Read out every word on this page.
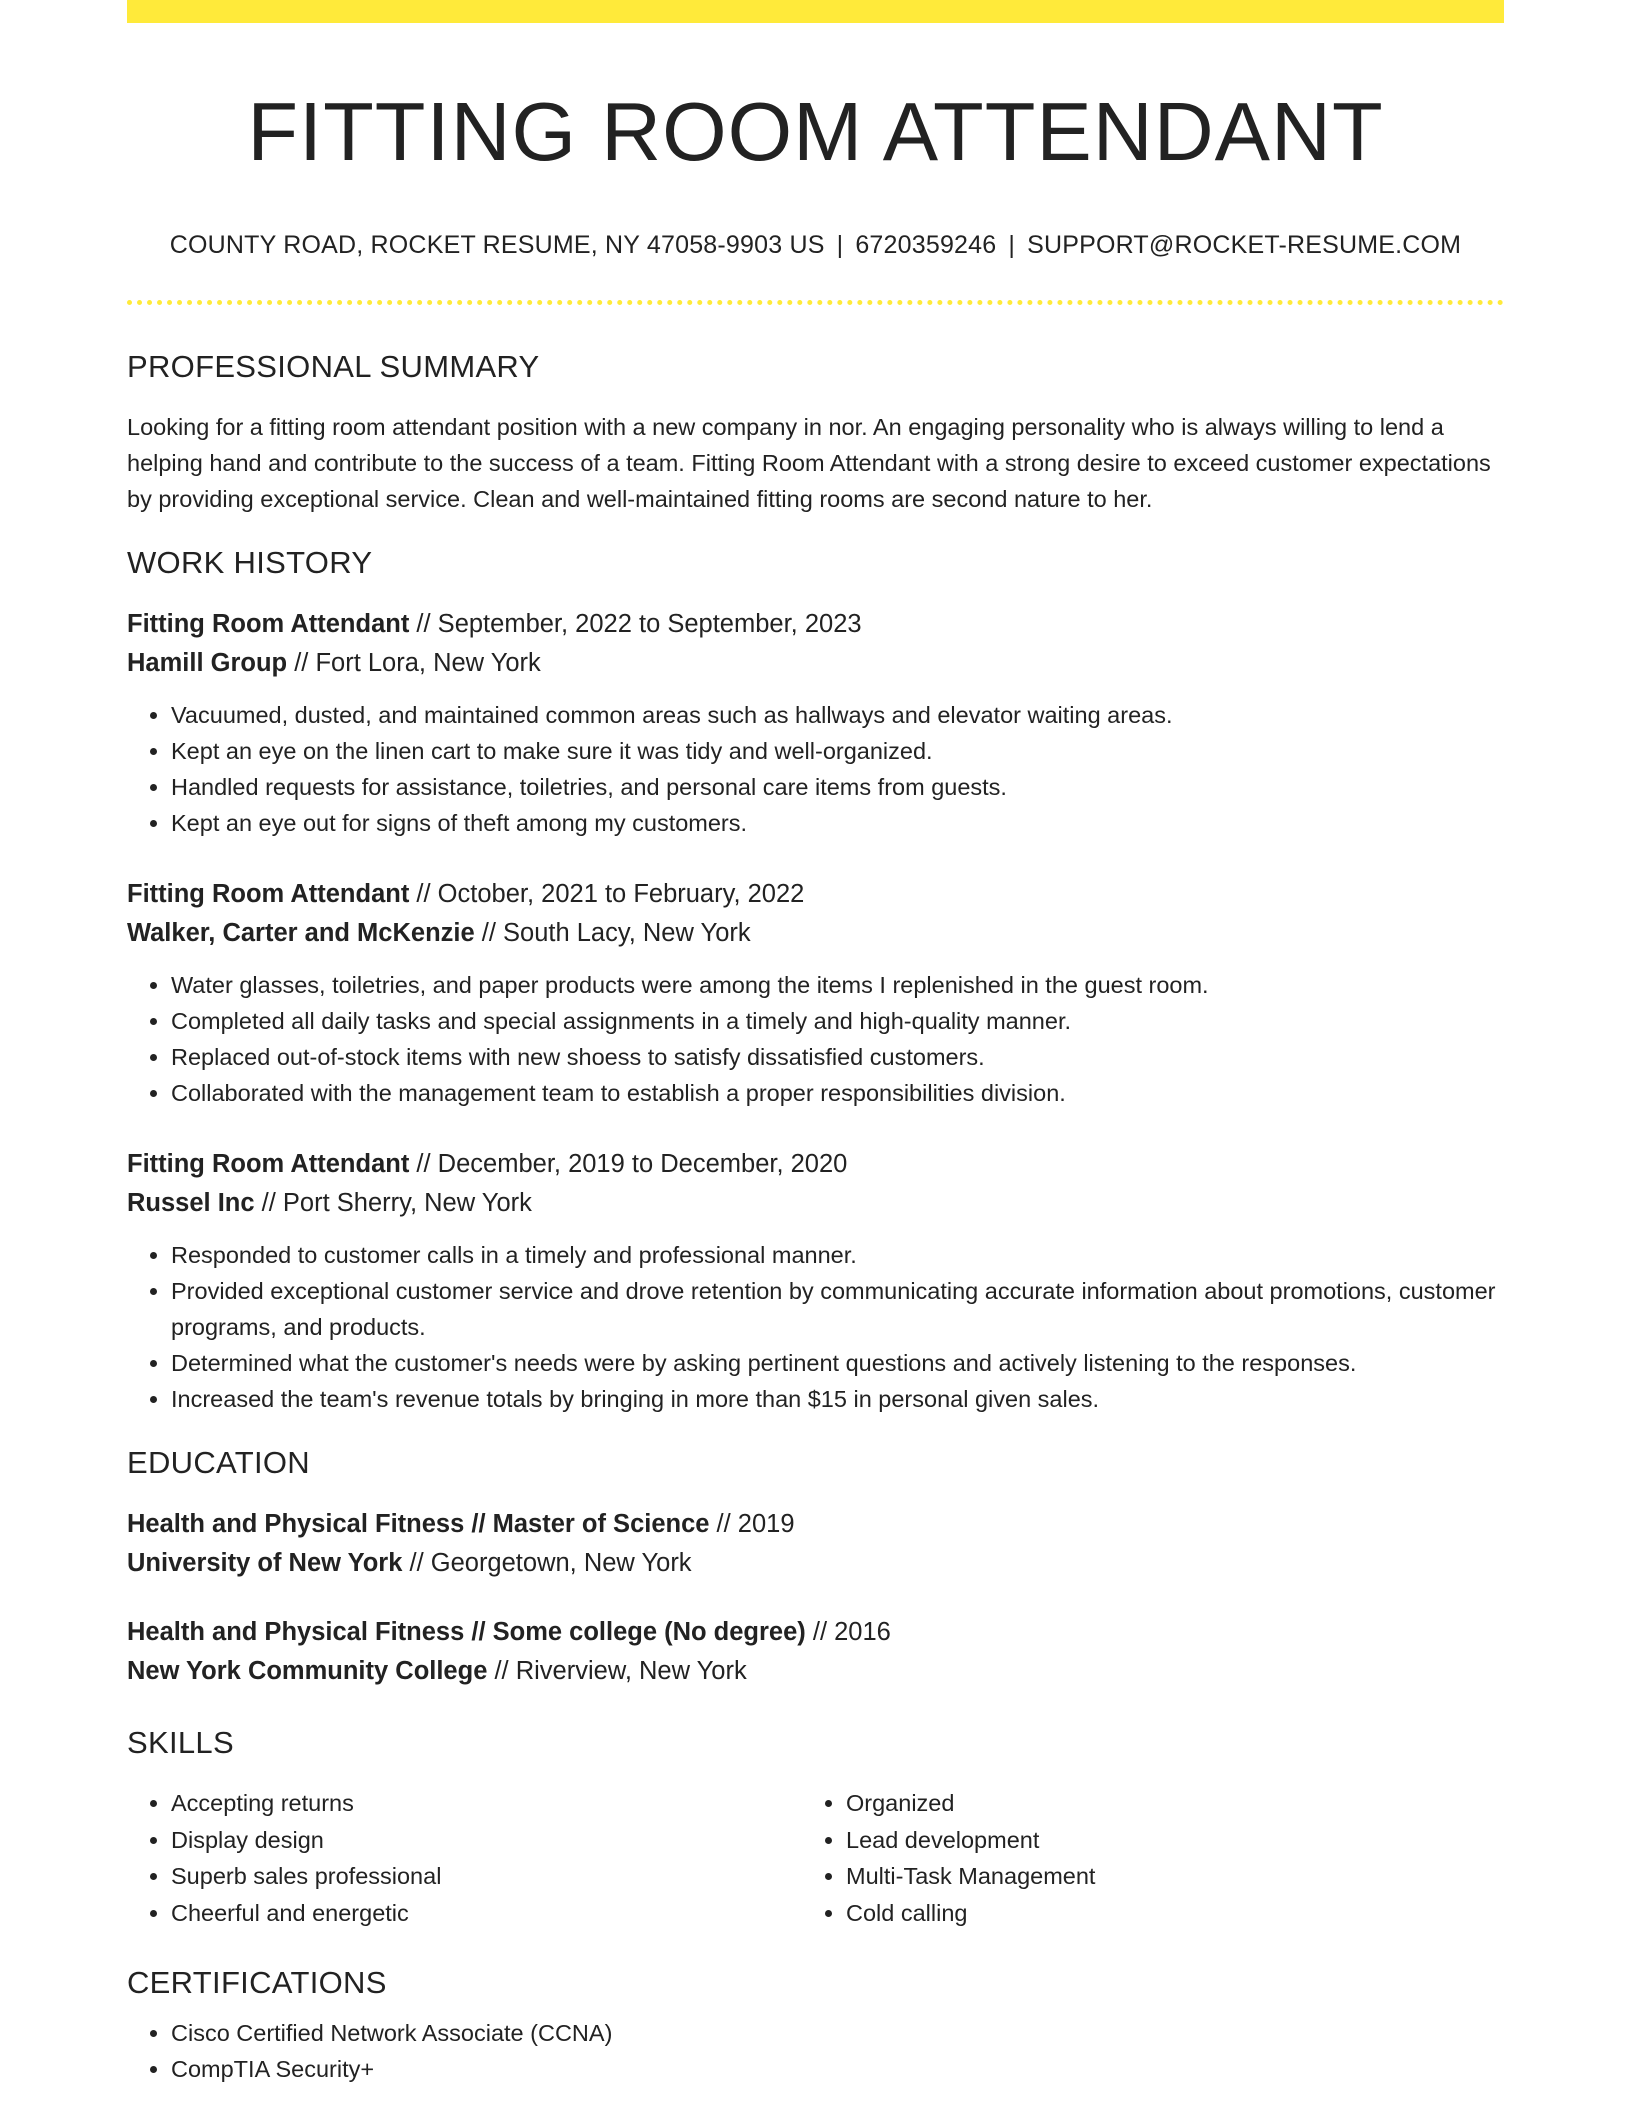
FITTING ROOM ATTENDANT
COUNTY ROAD, ROCKET RESUME, NY 47058-9903 US | 6720359246 | SUPPORT@ROCKET-RESUME.COM
PROFESSIONAL SUMMARY
Looking for a fitting room attendant position with a new company in nor. An engaging personality who is always willing to lend a helping hand and contribute to the success of a team. Fitting Room Attendant with a strong desire to exceed customer expectations by providing exceptional service. Clean and well-maintained fitting rooms are second nature to her.
WORK HISTORY
Fitting Room Attendant // September, 2022 to September, 2023
Hamill Group // Fort Lora, New York
• Vacuumed, dusted, and maintained common areas such as hallways and elevator waiting areas.
• Kept an eye on the linen cart to make sure it was tidy and well-organized.
• Handled requests for assistance, toiletries, and personal care items from guests.
• Kept an eye out for signs of theft among my customers.
Fitting Room Attendant // October, 2021 to February, 2022
Walker, Carter and McKenzie // South Lacy, New York
• Water glasses, toiletries, and paper products were among the items I replenished in the guest room.
• Completed all daily tasks and special assignments in a timely and high-quality manner.
• Replaced out-of-stock items with new shoess to satisfy dissatisfied customers.
• Collaborated with the management team to establish a proper responsibilities division.
Fitting Room Attendant // December, 2019 to December, 2020
Russel Inc // Port Sherry, New York
• Responded to customer calls in a timely and professional manner.
• Provided exceptional customer service and drove retention by communicating accurate information about promotions, customer programs, and products.
• Determined what the customer's needs were by asking pertinent questions and actively listening to the responses.
• Increased the team's revenue totals by bringing in more than $15 in personal given sales.
EDUCATION
Health and Physical Fitness // Master of Science // 2019
University of New York // Georgetown, New York
Health and Physical Fitness // Some college (No degree) // 2016
New York Community College // Riverview, New York
SKILLS
• Accepting returns
• Display design
• Superb sales professional
• Cheerful and energetic
• Organized
• Lead development
• Multi-Task Management
• Cold calling
CERTIFICATIONS
• Cisco Certified Network Associate (CCNA)
• CompTIA Security+
